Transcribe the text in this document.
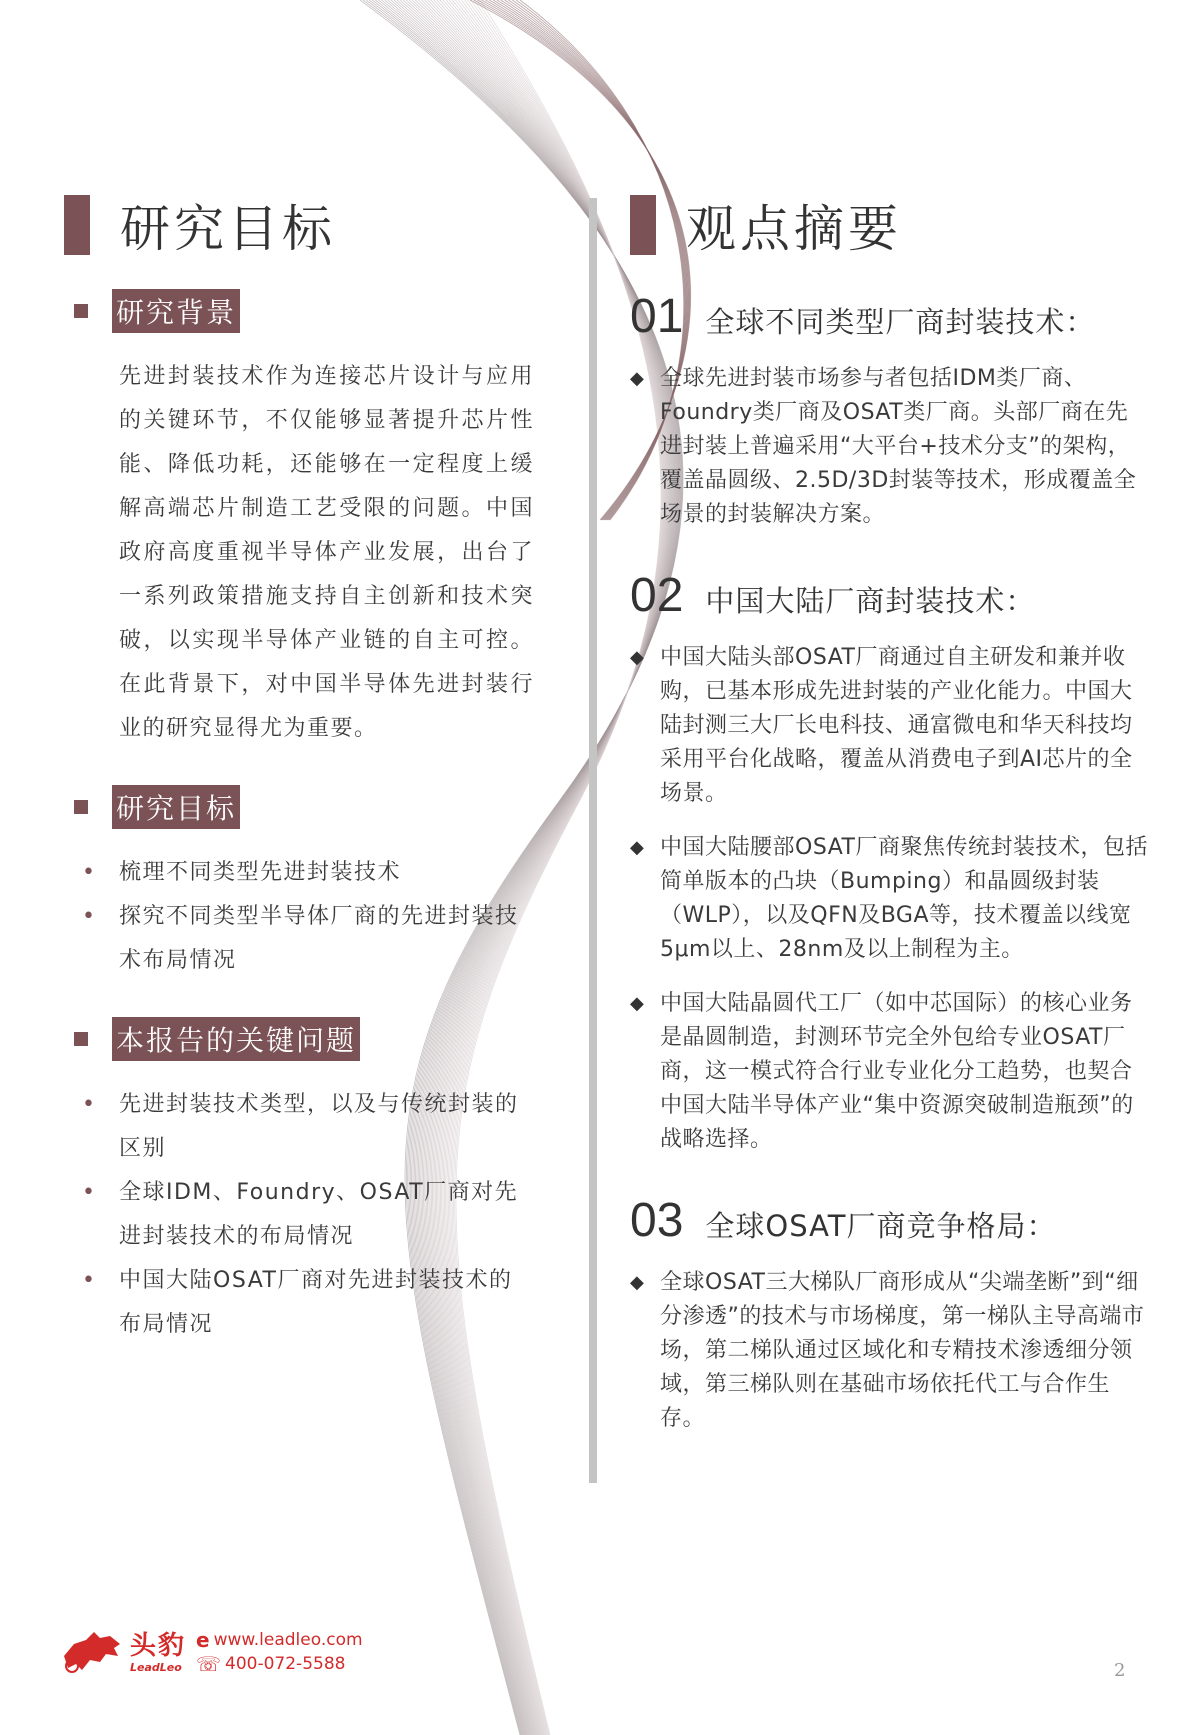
研究目标
研究背景
先进封装技术作为连接芯片设计与应用的关键环节，不仅能够显著提升芯片性能、降低功耗，还能够在一定程度上缓解高端芯片制造工艺受限的问题。中国政府高度重视半导体产业发展，出台了一系列政策措施支持自主创新和技术突破，以实现半导体产业链的自主可控。在此背景下，对中国半导体先进封装行业的研究显得尤为重要。
研究目标
• 梳理不同类型先进封装技术
• 探究不同类型半导体厂商的先进封装技术布局情况
本报告的关键问题
• 先进封装技术类型，以及与传统封装的区别
• 全球IDM、Foundry、OSAT厂商对先进封装技术的布局情况
• 中国大陆OSAT厂商对先进封装技术的布局情况
观点摘要
01 全球不同类型厂商封装技术：
◆ 全球先进封装市场参与者包括IDM类厂商、Foundry类厂商及OSAT类厂商。头部厂商在先进封装上普遍采用“大平台+技术分支”的架构，覆盖晶圆级、2.5D/3D封装等技术，形成覆盖全场景的封装解决方案。
02 中国大陆厂商封装技术：
◆ 中国大陆头部OSAT厂商通过自主研发和兼并收购，已基本形成先进封装的产业化能力。中国大陆封测三大厂长电科技、通富微电和华天科技均采用平台化战略，覆盖从消费电子到AI芯片的全场景。
◆ 中国大陆腰部OSAT厂商聚焦传统封装技术，包括简单版本的凸块（Bumping）和晶圆级封装（WLP），以及QFN及BGA等，技术覆盖以线宽5μm以上、28nm及以上制程为主。
◆ 中国大陆晶圆代工厂（如中芯国际）的核心业务是晶圆制造，封测环节完全外包给专业OSAT厂商，这一模式符合行业专业化分工趋势，也契合中国大陆半导体产业“集中资源突破制造瓶颈”的战略选择。
03 全球OSAT厂商竞争格局：
◆ 全球OSAT三大梯队厂商形成从“尖端垄断”到“细分渗透”的技术与市场梯度，第一梯队主导高端市场，第二梯队通过区域化和专精技术渗透细分领域，第三梯队则在基础市场依托代工与合作生存。
头豹
LeadLeo
e www.leadleo.com
☏ 400-072-5588	2
